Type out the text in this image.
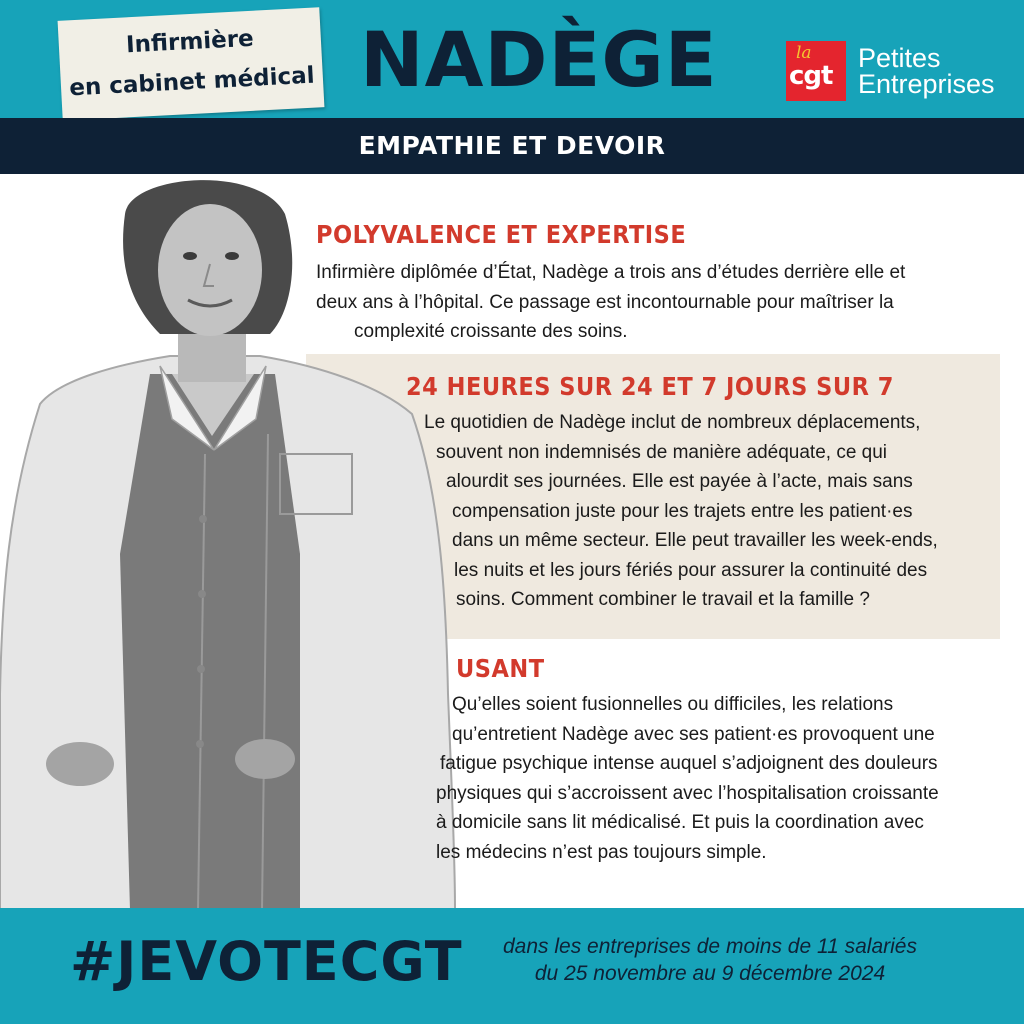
Infirmière
en cabinet médical NADÈGE	la
cgt
Petites
Entreprises
EMPATHIE ET DEVOIR
POLYVALENCE ET EXPERTISE
Infirmière diplômée d’État, Nadège a trois ans d’études derrière elle et
deux ans à l’hôpital. Ce passage est incontournable pour maîtriser la
complexité croissante des soins.
24 HEURES SUR 24 ET 7 JOURS SUR 7
Le quotidien de Nadège inclut de nombreux déplacements,
souvent non indemnisés de manière adéquate, ce qui
alourdit ses journées. Elle est payée à l’acte, mais sans
compensation juste pour les trajets entre les patient·es
dans un même secteur. Elle peut travailler les week-ends,
les nuits et les jours fériés pour assurer la continuité des
soins. Comment combiner le travail et la famille ?
USANT
Qu’elles soient fusionnelles ou difficiles, les relations
qu’entretient Nadège avec ses patient·es provoquent une
fatigue psychique intense auquel s’adjoignent des douleurs
physiques qui s’accroissent avec l’hospitalisation croissante
à domicile sans lit médicalisé. Et puis la coordination avec
les médecins n’est pas toujours simple.
#JEVOTECGT	dans les entreprises de moins de 11 salariés
du 25 novembre au 9 décembre 2024
